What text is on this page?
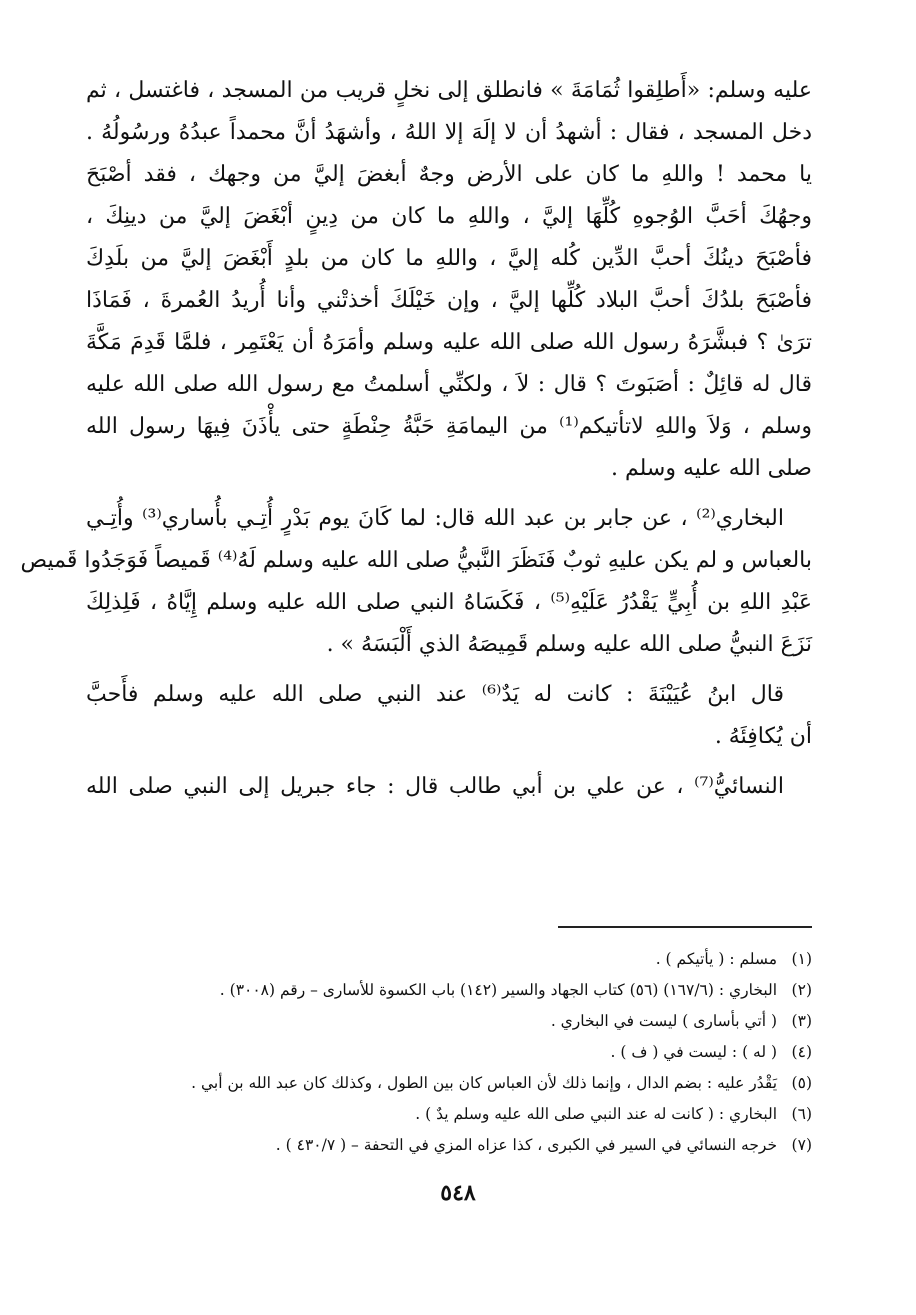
عليه وسلم: «أَطلِقوا ثُمَامَةَ » فانطلق إلى نخلٍ قريب من المسجد ، فاغتسل ، ثم
دخل المسجد ، فقال : أشهدُ أن لا إلَهَ إلا اللهُ ، وأشهَدُ أنَّ محمداً عبدُهُ ورسُولُهُ .
يا محمد ! واللهِ ما كان على الأرض وجهٌ أبغضَ إليَّ من وجهك ، فقد أصْبَحَ
وجهُكَ أحَبَّ الوُجوهِ كُلِّهَا إليَّ ، واللهِ ما كان من دِينٍ أبْغَضَ إليَّ من دينِكَ ،
فأصْبَحَ دينُكَ أحبَّ الدِّين كُله إليَّ ، واللهِ ما كان من بلدٍ أَبْغَضَ إليَّ من بلَدِكَ
فأصْبَحَ بلدُكَ أحبَّ البلاد كُلِّها إليَّ ، وإن خَيْلَكَ أخذتْني وأنا أُريدُ العُمرةَ ، فَمَاذَا
ترَىٰ ؟ فبشَّرَهُ رسول الله صلى الله عليه وسلم وأمَرَهُ أن يَعْتَمِر ، فلمَّا قَدِمَ مَكَّةَ
قال له قائِلٌ : أصَبَوتَ ؟ قال : لاَ ، ولكنِّي أسلمتُ مع رسول الله صلى الله عليه
وسلم ، وَلاَ واللهِ لاتأتيكم⁽¹⁾ من اليمامَةِ حَبَّةُ حِنْطَةٍ حتى يأْذَنَ فِيهَا رسول الله
صلى الله عليه وسلم .
البخاري⁽²⁾ ، عن جابر بن عبد الله قال: لما كَانَ يوم بَدْرٍ أُتِـي بأُساري⁽³⁾ وأُتِـي
بالعباس و لم يكن عليهِ ثوبٌ فَنَظَرَ النَّبيُّ صلى الله عليه وسلم لَهُ⁽⁴⁾ قَميصاً فَوَجَدُوا قَميص
عَبْدِ اللهِ بن أُبِيٍّ يَقْدُرُ عَلَيْهِ⁽⁵⁾ ، فَكَسَاهُ النبي صلى الله عليه وسلم إِيَّاهُ ، فَلِذلِكَ
نَزَعَ النبيُّ صلى الله عليه وسلم قَمِيصَهُ الذي أَلْبَسَهُ » .
قال ابنُ عُيَيْنَةَ : كانت له يَدٌ⁽⁶⁾ عند النبي صلى الله عليه وسلم فأَحبَّ
أن يُكافِئَهُ .
النسائيُّ⁽⁷⁾ ، عن علي بن أبي طالب قال : جاء جبريل إلى النبي صلى الله
(١) مسلم : ( يأتيكم ) .
(٢) البخاري : (١٦٧/٦) (٥٦) كتاب الجهاد والسير (١٤٢) باب الكسوة للأسارى – رقم (٣٠٠٨) .
(٣) ( أتي بأسارى ) ليست في البخاري .
(٤) ( له ) : ليست في ( ف ) .
(٥) يَقْدُر عليه : بضم الدال ، وإنما ذلك لأن العباس كان بين الطول ، وكذلك كان عبد الله بن أبي .
(٦) البخاري : ( كانت له عند النبي صلى الله عليه وسلم يدٌ ) .
(٧) خرجه النسائي في السير في الكبرى ، كذا عزاه المزي في التحفة – ( ٤٣٠/٧ ) .
٥٤٨
